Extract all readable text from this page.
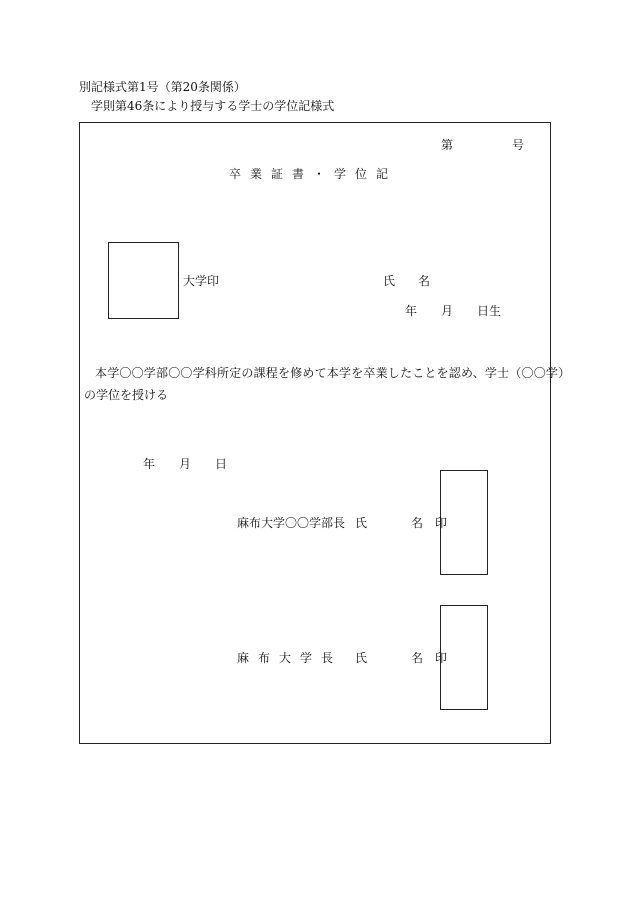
別記様式第1号（第20条関係）
学則第46条により授与する学士の学位記様式
第	号
卒業証書・学位記
大学印	氏 名
年 月 日生
本学〇〇学部〇〇学科所定の課程を修めて本学を卒業したことを認め、学士（〇〇学）
の学位を授ける
年 月 日
麻布大学〇〇学部長 氏	名 印
麻布大学長 氏	名 印
